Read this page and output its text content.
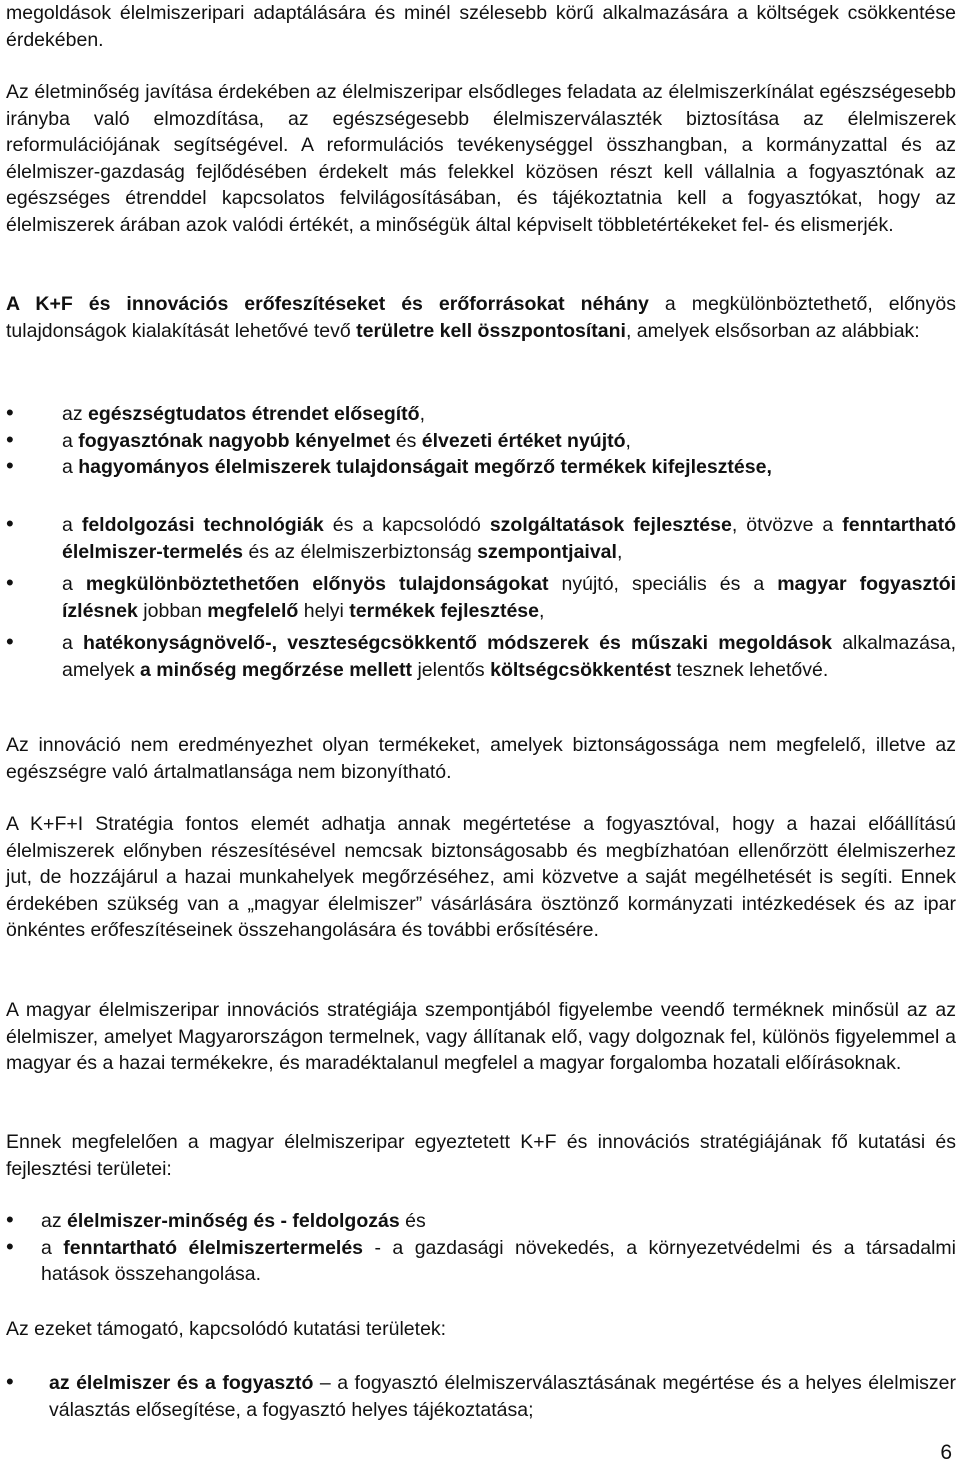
megoldások élelmiszeripari adaptálására és minél szélesebb körű alkalmazására a költségek csökkentése érdekében.

Az életminőség javítása érdekében az élelmiszeripar elsődleges feladata az élelmiszerkínálat egészségesebb irányba való elmozdítása, az egészségesebb élelmiszerválaszték biztosítása az élelmiszerek reformulációjának segítségével. A reformulációs tevékenységgel összhangban, a kormányzattal és az élelmiszer-gazdaság fejlődésében érdekelt más felekkel közösen részt kell vállalnia a fogyasztónak az egészséges étrenddel kapcsolatos felvilágosításában, és tájékoztatnia kell a fogyasztókat, hogy az élelmiszerek árában azok valódi értékét, a minőségük által képviselt többletértékeket fel- és elismerjék.

A K+F és innovációs erőfeszítéseket és erőforrásokat néhány a megkülönböztethető, előnyös tulajdonságok kialakítását lehetővé tevő területre kell összpontosítani, amelyek elsősorban az alábbiak:

• az egészségtudatos étrendet elősegítő,
• a fogyasztónak nagyobb kényelmet és élvezeti értéket nyújtó,
• a hagyományos élelmiszerek tulajdonságait megőrző termékek kifejlesztése,
• a feldolgozási technológiák és a kapcsolódó szolgáltatások fejlesztése, ötvözve a fenntartható élelmiszer-termelés és az élelmiszerbiztonság szempontjaival,
• a megkülönböztethetően előnyös tulajdonságokat nyújtó, speciális és a magyar fogyasztói ízlésnek jobban megfelelő helyi termékek fejlesztése,
• a hatékonyságnövelő-, veszteségcsökkentő módszerek és műszaki megoldások alkalmazása, amelyek a minőség megőrzése mellett jelentős költségcsökkentést tesznek lehetővé.

Az innováció nem eredményezhet olyan termékeket, amelyek biztonságossága nem megfelelő, illetve az egészségre való ártalmatlansága nem bizonyítható.

A K+F+I Stratégia fontos elemét adhatja annak megértetése a fogyasztóval, hogy a hazai előállítású élelmiszerek előnyben részesítésével nemcsak biztonságosabb és megbízhatóan ellenőrzött élelmiszerhez jut, de hozzájárul a hazai munkahelyek megőrzéséhez, ami közvetve a saját megélhetését is segíti. Ennek érdekében szükség van a „magyar élelmiszer” vásárlására ösztönző kormányzati intézkedések és az ipar önkéntes erőfeszítéseinek összehangolására és további erősítésére.

A magyar élelmiszeripar innovációs stratégiája szempontjából figyelembe veendő terméknek minősül az az élelmiszer, amelyet Magyarországon termelnek, vagy állítanak elő, vagy dolgoznak fel, különös figyelemmel a magyar és a hazai termékekre, és maradéktalanul megfelel a magyar forgalomba hozatali előírásoknak.

Ennek megfelelően a magyar élelmiszeripar egyeztetett K+F és innovációs stratégiájának fő kutatási és fejlesztési területei:

• az élelmiszer-minőség és - feldolgozás és
• a fenntartható élelmiszertermelés - a gazdasági növekedés, a környezetvédelmi és a társadalmi hatások összehangolása.

Az ezeket támogató, kapcsolódó kutatási területek:

• az élelmiszer és a fogyasztó – a fogyasztó élelmiszerválasztásának megértése és a helyes élelmiszer választás elősegítése, a fogyasztó helyes tájékoztatása;
6
